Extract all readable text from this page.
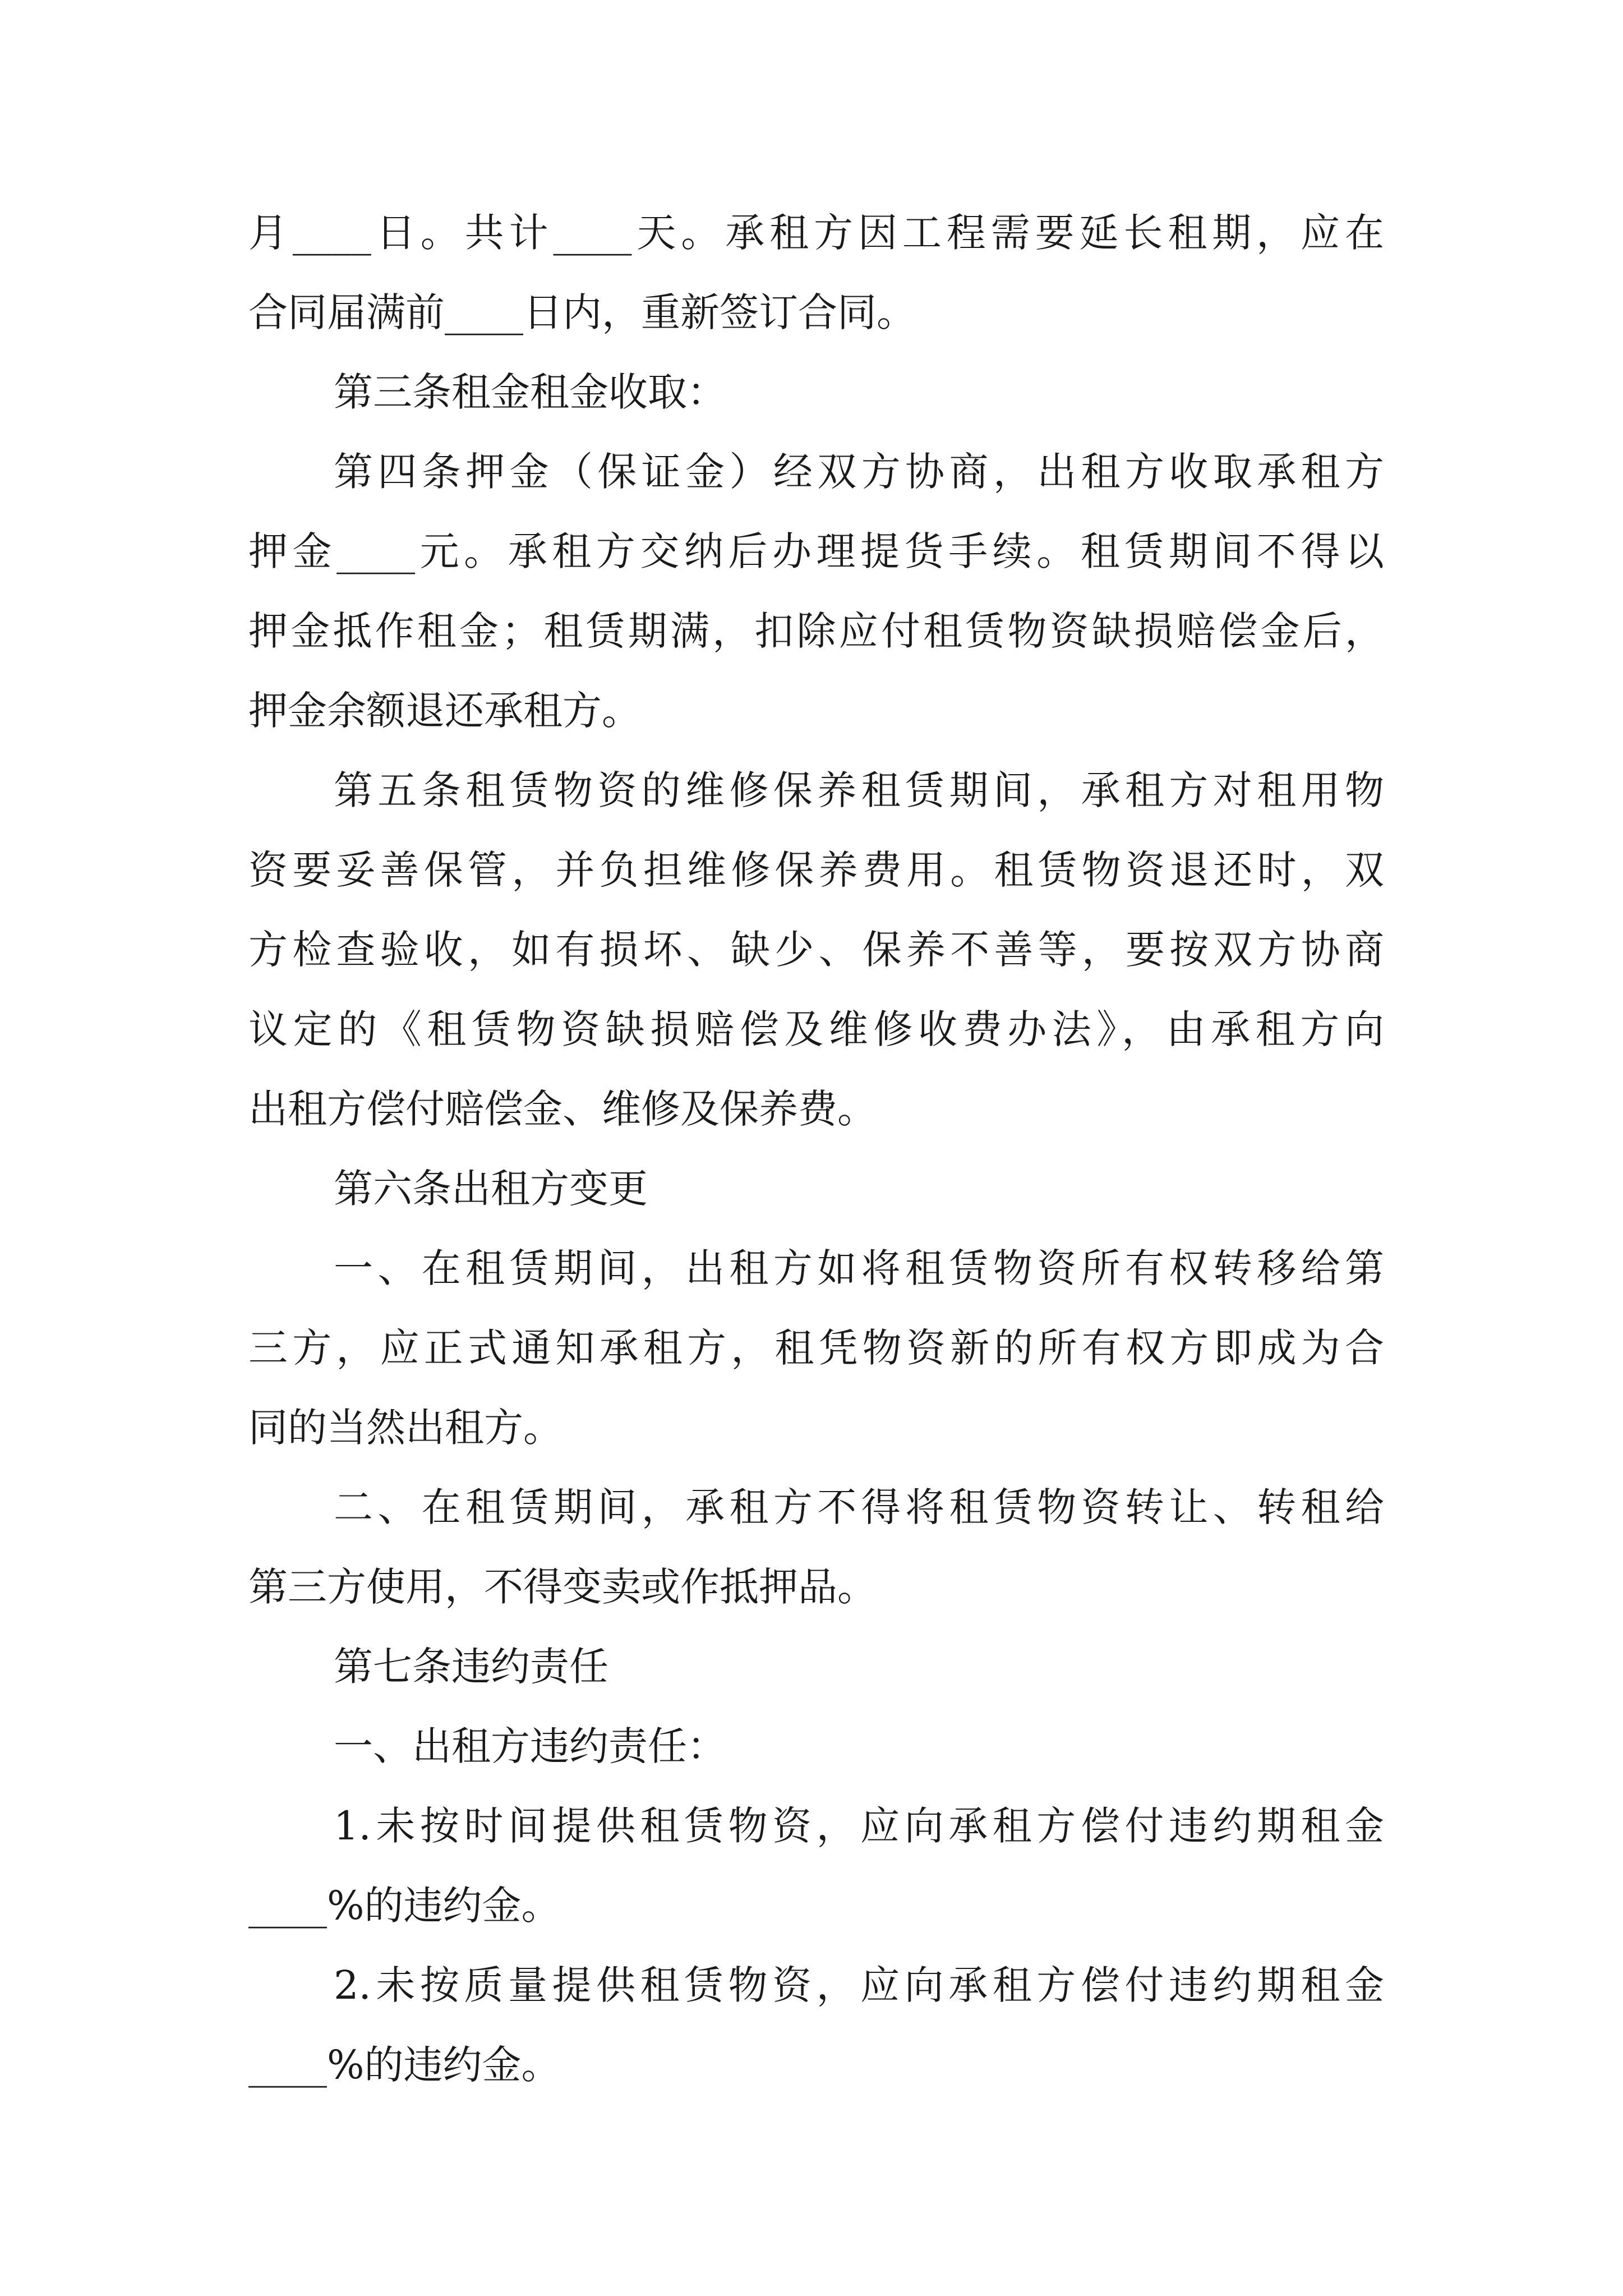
月____日。共计____天。承租方因工程需要延长租期，应在
合同届满前____日内，重新签订合同。
第三条租金租金收取：
第四条押金（保证金）经双方协商，出租方收取承租方
押金____元。承租方交纳后办理提货手续。租赁期间不得以
押金抵作租金；租赁期满，扣除应付租赁物资缺损赔偿金后，
押金余额退还承租方。
第五条租赁物资的维修保养租赁期间，承租方对租用物
资要妥善保管，并负担维修保养费用。租赁物资退还时，双
方检查验收，如有损坏、缺少、保养不善等，要按双方协商
议定的《租赁物资缺损赔偿及维修收费办法》，由承租方向
出租方偿付赔偿金、维修及保养费。
第六条出租方变更
一、在租赁期间，出租方如将租赁物资所有权转移给第
三方，应正式通知承租方，租凭物资新的所有权方即成为合
同的当然出租方。
二、在租赁期间，承租方不得将租赁物资转让、转租给
第三方使用，不得变卖或作抵押品。
第七条违约责任
一、出租方违约责任：
1.未按时间提供租赁物资，应向承租方偿付违约期租金
____%的违约金。
2.未按质量提供租赁物资，应向承租方偿付违约期租金
____%的违约金。
